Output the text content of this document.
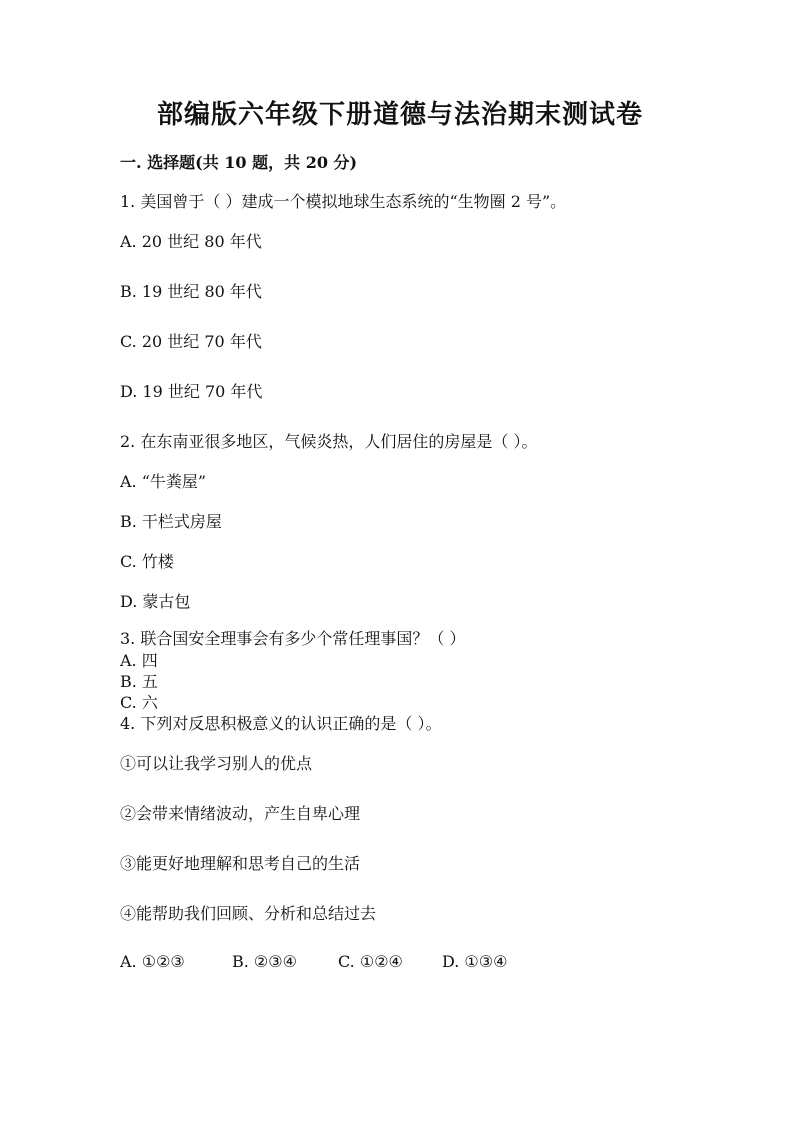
部编版六年级下册道德与法治期末测试卷
一. 选择题(共 10 题，共 20 分)
1. 美国曾于（ ）建成一个模拟地球生态系统的“生物圈 2 号”。
A. 20 世纪 80 年代
B. 19 世纪 80 年代
C. 20 世纪 70 年代
D. 19 世纪 70 年代
2. 在东南亚很多地区，气候炎热，人们居住的房屋是（ ）。
A. “牛粪屋”
B. 干栏式房屋
C. 竹楼
D. 蒙古包
3. 联合国安全理事会有多少个常任理事国？（ ）
A. 四
B. 五
C. 六
4. 下列对反思积极意义的认识正确的是（ ）。
①可以让我学习别人的优点
②会带来情绪波动，产生自卑心理
③能更好地理解和思考自己的生活
④能帮助我们回顾、分析和总结过去
A. ①②③	B. ②③④	C. ①②④ D. ①③④
